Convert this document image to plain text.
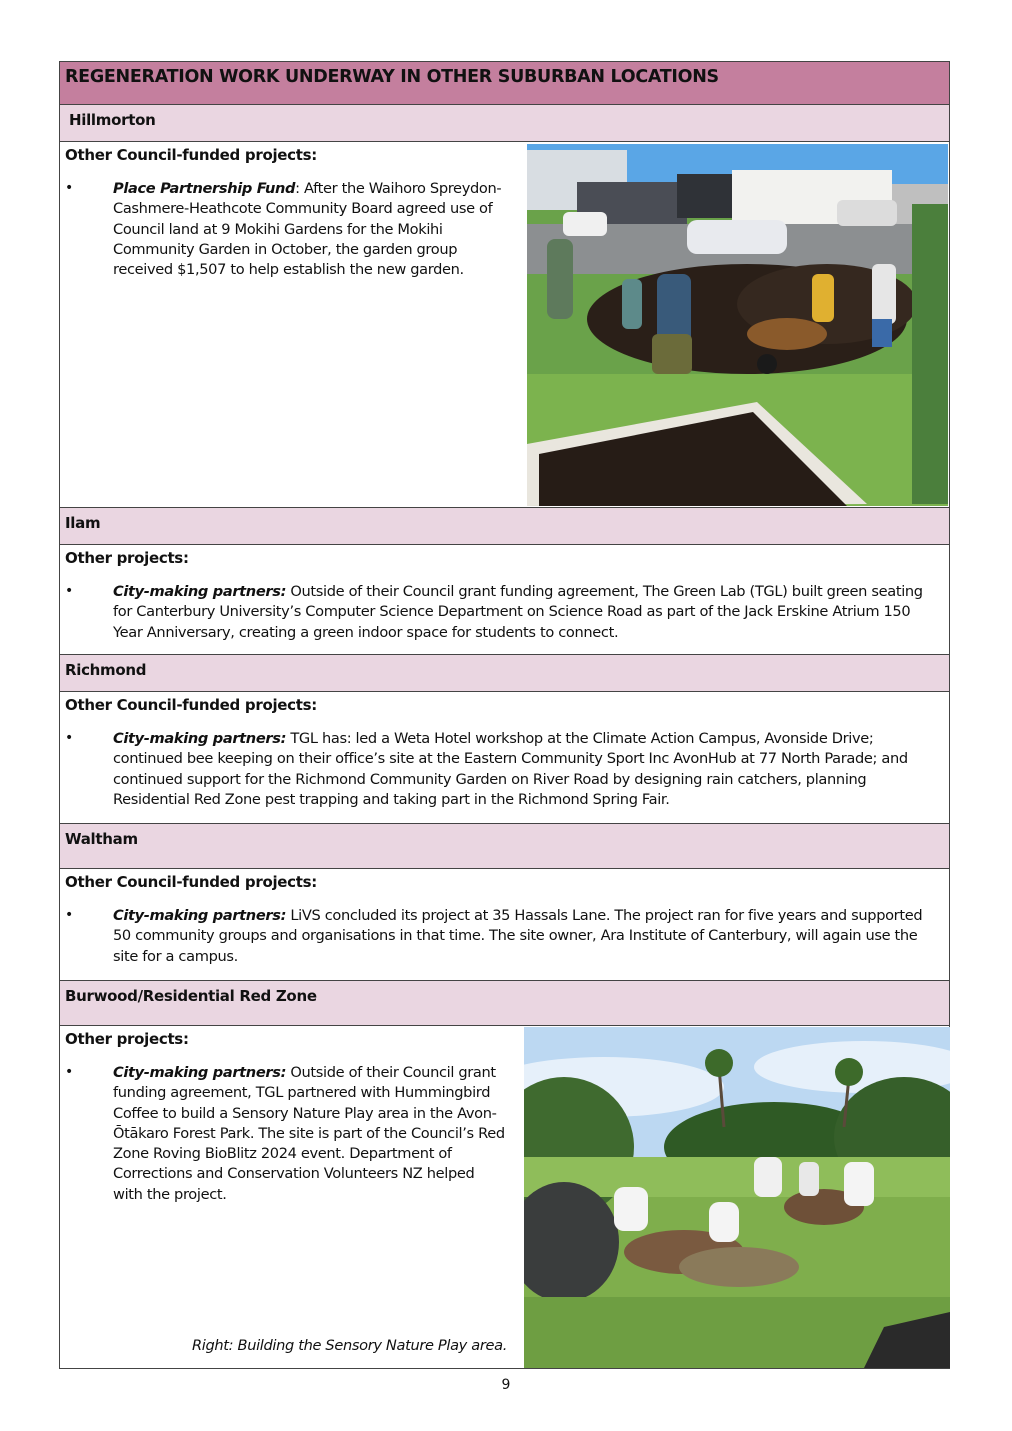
REGENERATION WORK UNDERWAY IN OTHER SUBURBAN LOCATIONS
Hillmorton
Other Council-funded projects:
•	Place Partnership Fund: After the Waihoro Spreydon-Cashmere-Heathcote Community Board agreed use of Council land at 9 Mokihi Gardens for the Mokihi Community Garden in October, the garden group received $1,507 to help establish the new garden.
Ilam
Other projects:
•	City-making partners: Outside of their Council grant funding agreement, The Green Lab (TGL) built green seating for Canterbury University’s Computer Science Department on Science Road as part of the Jack Erskine Atrium 150 Year Anniversary, creating a green indoor space for students to connect.
Richmond
Other Council-funded projects:
•	City-making partners: TGL has: led a Weta Hotel workshop at the Climate Action Campus, Avonside Drive; continued bee keeping on their office’s site at the Eastern Community Sport Inc AvonHub at 77 North Parade; and continued support for the Richmond Community Garden on River Road by designing rain catchers, planning Residential Red Zone pest trapping and taking part in the Richmond Spring Fair.
Waltham
Other Council-funded projects:
•	City-making partners: LiVS concluded its project at 35 Hassals Lane. The project ran for five years and supported 50 community groups and organisations in that time. The site owner, Ara Institute of Canterbury, will again use the site for a campus.
Burwood/Residential Red Zone
Other projects:
•	City-making partners: Outside of their Council grant funding agreement, TGL partnered with Hummingbird Coffee to build a Sensory Nature Play area in the Avon-Ōtākaro Forest Park. The site is part of the Council’s Red Zone Roving BioBlitz 2024 event. Department of Corrections and Conservation Volunteers NZ helped with the project.
Right: Building the Sensory Nature Play area.
9
